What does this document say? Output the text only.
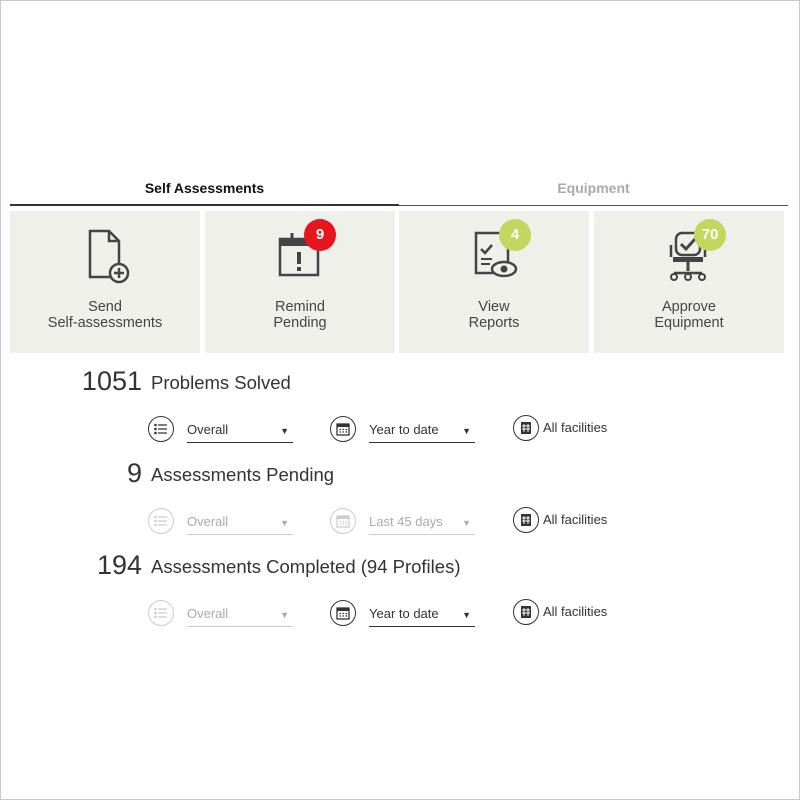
Self Assessments	Equipment
Send
Self-assessments
9
Remind
Pending
4
View
Reports
70
Approve
Equipment
1051 Problems Solved
Overall	▼	Year to date	▼	All facilities
9 Assessments Pending
Overall	▼	Last 45 days ▼	All facilities
194 Assessments Completed (94 Profiles)
Overall	▼	Year to date	▼	All facilities
